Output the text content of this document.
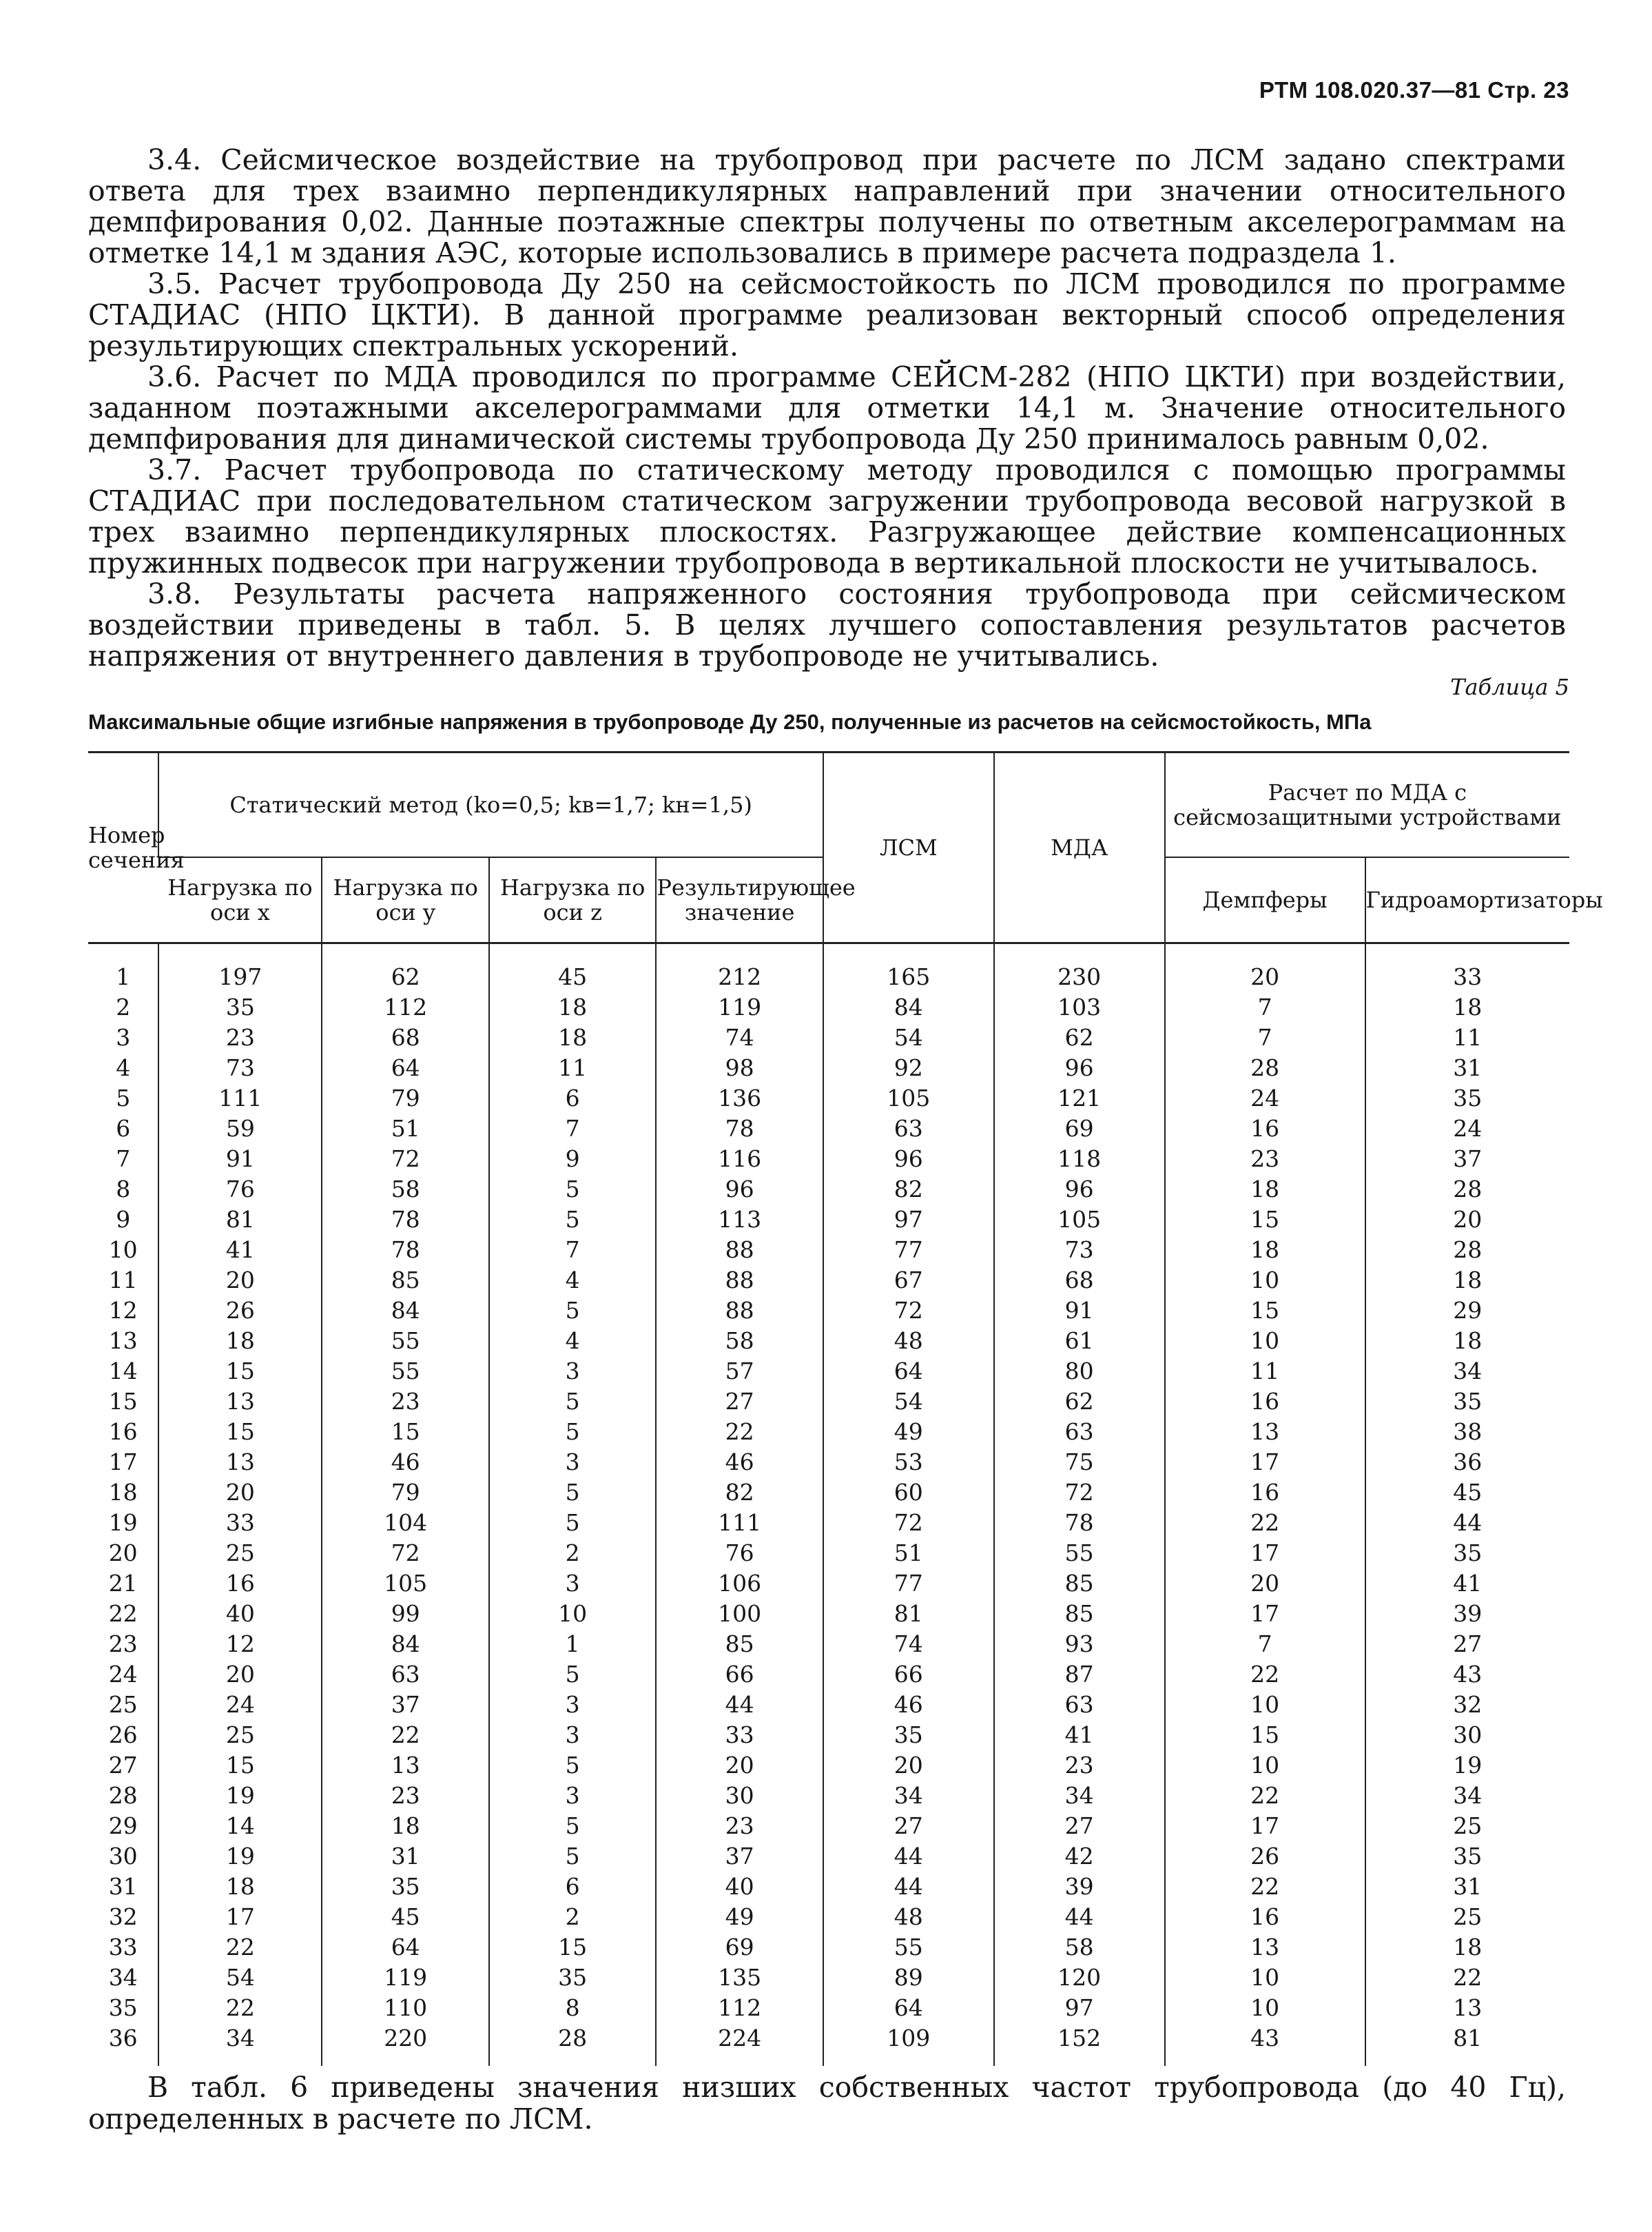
РТМ 108.020.37—81 Стр. 23

3.4. Сейсмическое воздействие на трубопровод при расчете по ЛСМ задано спектрами ответа для трех взаимно перпендикулярных направлений при значении относительного демпфирования 0,02. Данные поэтажные спектры получены по ответным акселерограммам на отметке 14,1 м здания АЭС, которые использовались в примере расчета подраздела 1.

3.5. Расчет трубопровода Ду 250 на сейсмостойкость по ЛСМ проводился по программе СТАДИАС (НПО ЦКТИ). В данной программе реализован векторный способ определения результирующих спектральных ускорений.

3.6. Расчет по МДА проводился по программе СЕЙСМ-282 (НПО ЦКТИ) при воздействии, заданном поэтажными акселерограммами для отметки 14,1 м. Значение относительного демпфирования для динамической системы трубопровода Ду 250 принималось равным 0,02.

3.7. Расчет трубопровода по статическому методу проводился с помощью программы СТАДИАС при последовательном статическом загружении трубопровода весовой нагрузкой в трех взаимно перпендикулярных плоскостях. Разгружающее действие компенсационных пружинных подвесок при нагружении трубопровода в вертикальной плоскости не учитывалось.

3.8. Результаты расчета напряженного состояния трубопровода при сейсмическом воздействии приведены в табл. 5. В целях лучшего сопоставления результатов расчетов напряжения от внутреннего давления в трубопроводе не учитывались.

Таблица 5
Максимальные общие изгибные напряжения в трубопроводе Ду 250, полученные из расчетов на сейсмостойкость, МПа
Номер сечения	Статический метод (kо=0,5; kв=1,7; kн=1,5)				ЛСМ	МДА	Расчет по МДА с сейсмозащитными устройствами	
	Нагрузка по оси x	Нагрузка по оси y	Нагрузка по оси z	Результирующее значение			Демпферы	Гидроамортизаторы
1	197	62	45	212	165	230	20	33
2	35	112	18	119	84	103	7	18
3	23	68	18	74	54	62	7	11
4	73	64	11	98	92	96	28	31
5	111	79	6	136	105	121	24	35
6	59	51	7	78	63	69	16	24
7	91	72	9	116	96	118	23	37
8	76	58	5	96	82	96	18	28
9	81	78	5	113	97	105	15	20
10	41	78	7	88	77	73	18	28
11	20	85	4	88	67	68	10	18
12	26	84	5	88	72	91	15	29
13	18	55	4	58	48	61	10	18
14	15	55	3	57	64	80	11	34
15	13	23	5	27	54	62	16	35
16	15	15	5	22	49	63	13	38
17	13	46	3	46	53	75	17	36
18	20	79	5	82	60	72	16	45
19	33	104	5	111	72	78	22	44
20	25	72	2	76	51	55	17	35
21	16	105	3	106	77	85	20	41
22	40	99	10	100	81	85	17	39
23	12	84	1	85	74	93	7	27
24	20	63	5	66	66	87	22	43
25	24	37	3	44	46	63	10	32
26	25	22	3	33	35	41	15	30
27	15	13	5	20	20	23	10	19
28	19	23	3	30	34	34	22	34
29	14	18	5	23	27	27	17	25
30	19	31	5	37	44	42	26	35
31	18	35	6	40	44	39	22	31
32	17	45	2	49	48	44	16	25
33	22	64	15	69	55	58	13	18
34	54	119	35	135	89	120	10	22
35	22	110	8	112	64	97	10	13
36	34	220	28	224	109	152	43	81

В табл. 6 приведены значения низших собственных частот трубопровода (до 40 Гц), определенных в расчете по ЛСМ.
